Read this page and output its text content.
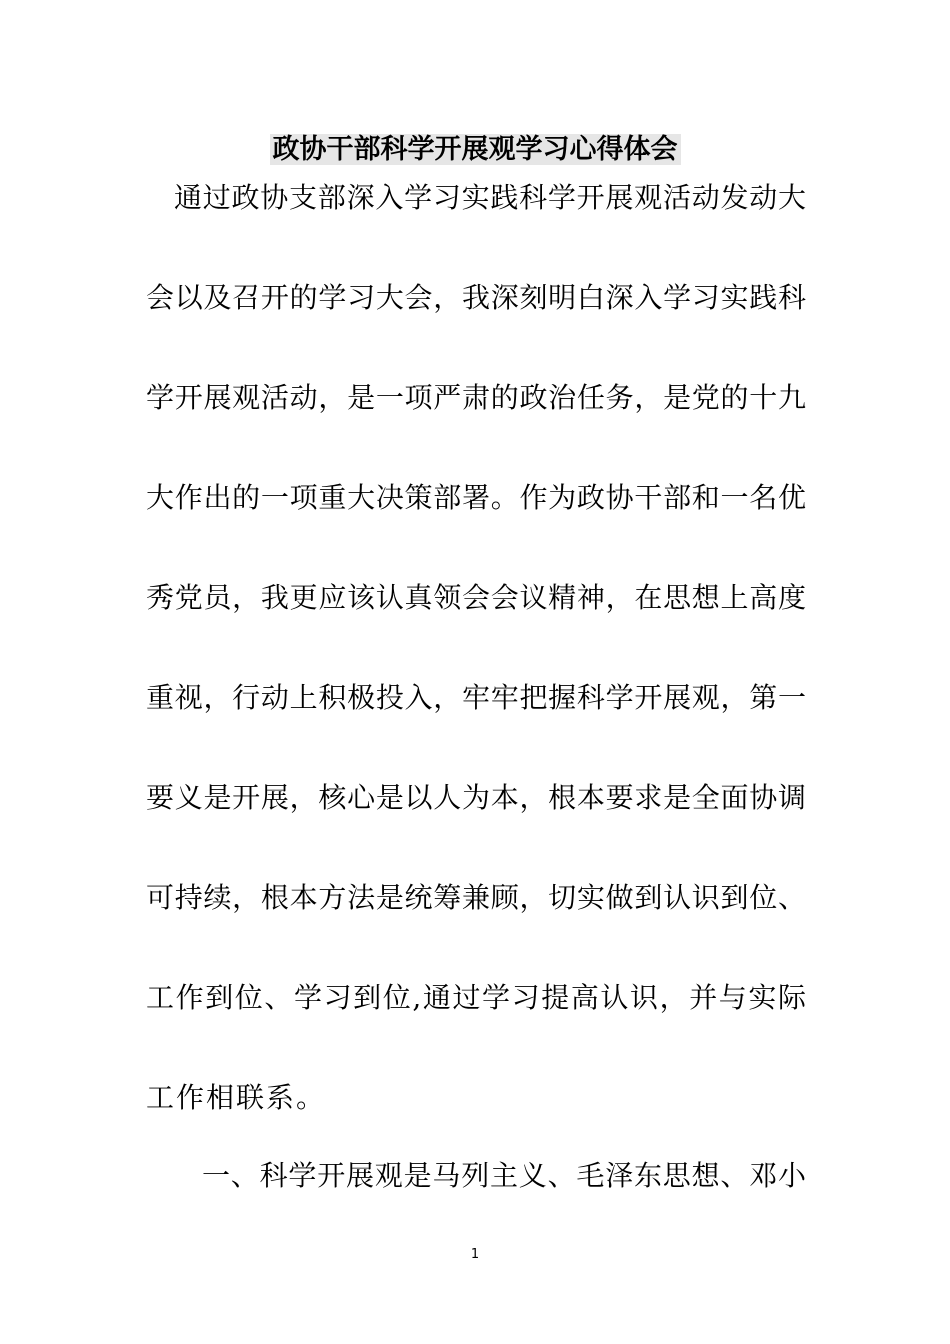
政协干部科学开展观学习心得体会
通过政协支部深入学习实践科学开展观活动发动大
会以及召开的学习大会，我深刻明白深入学习实践科
学开展观活动，是一项严肃的政治任务，是党的十九
大作出的一项重大决策部署。作为政协干部和一名优
秀党员，我更应该认真领会会议精神，在思想上高度
重视，行动上积极投入，牢牢把握科学开展观，第一
要义是开展，核心是以人为本，根本要求是全面协调
可持续，根本方法是统筹兼顾，切实做到认识到位、
工作到位、学习到位,通过学习提高认识，并与实际
工作相联系。
一、科学开展观是马列主义、毛泽东思想、邓小
1
